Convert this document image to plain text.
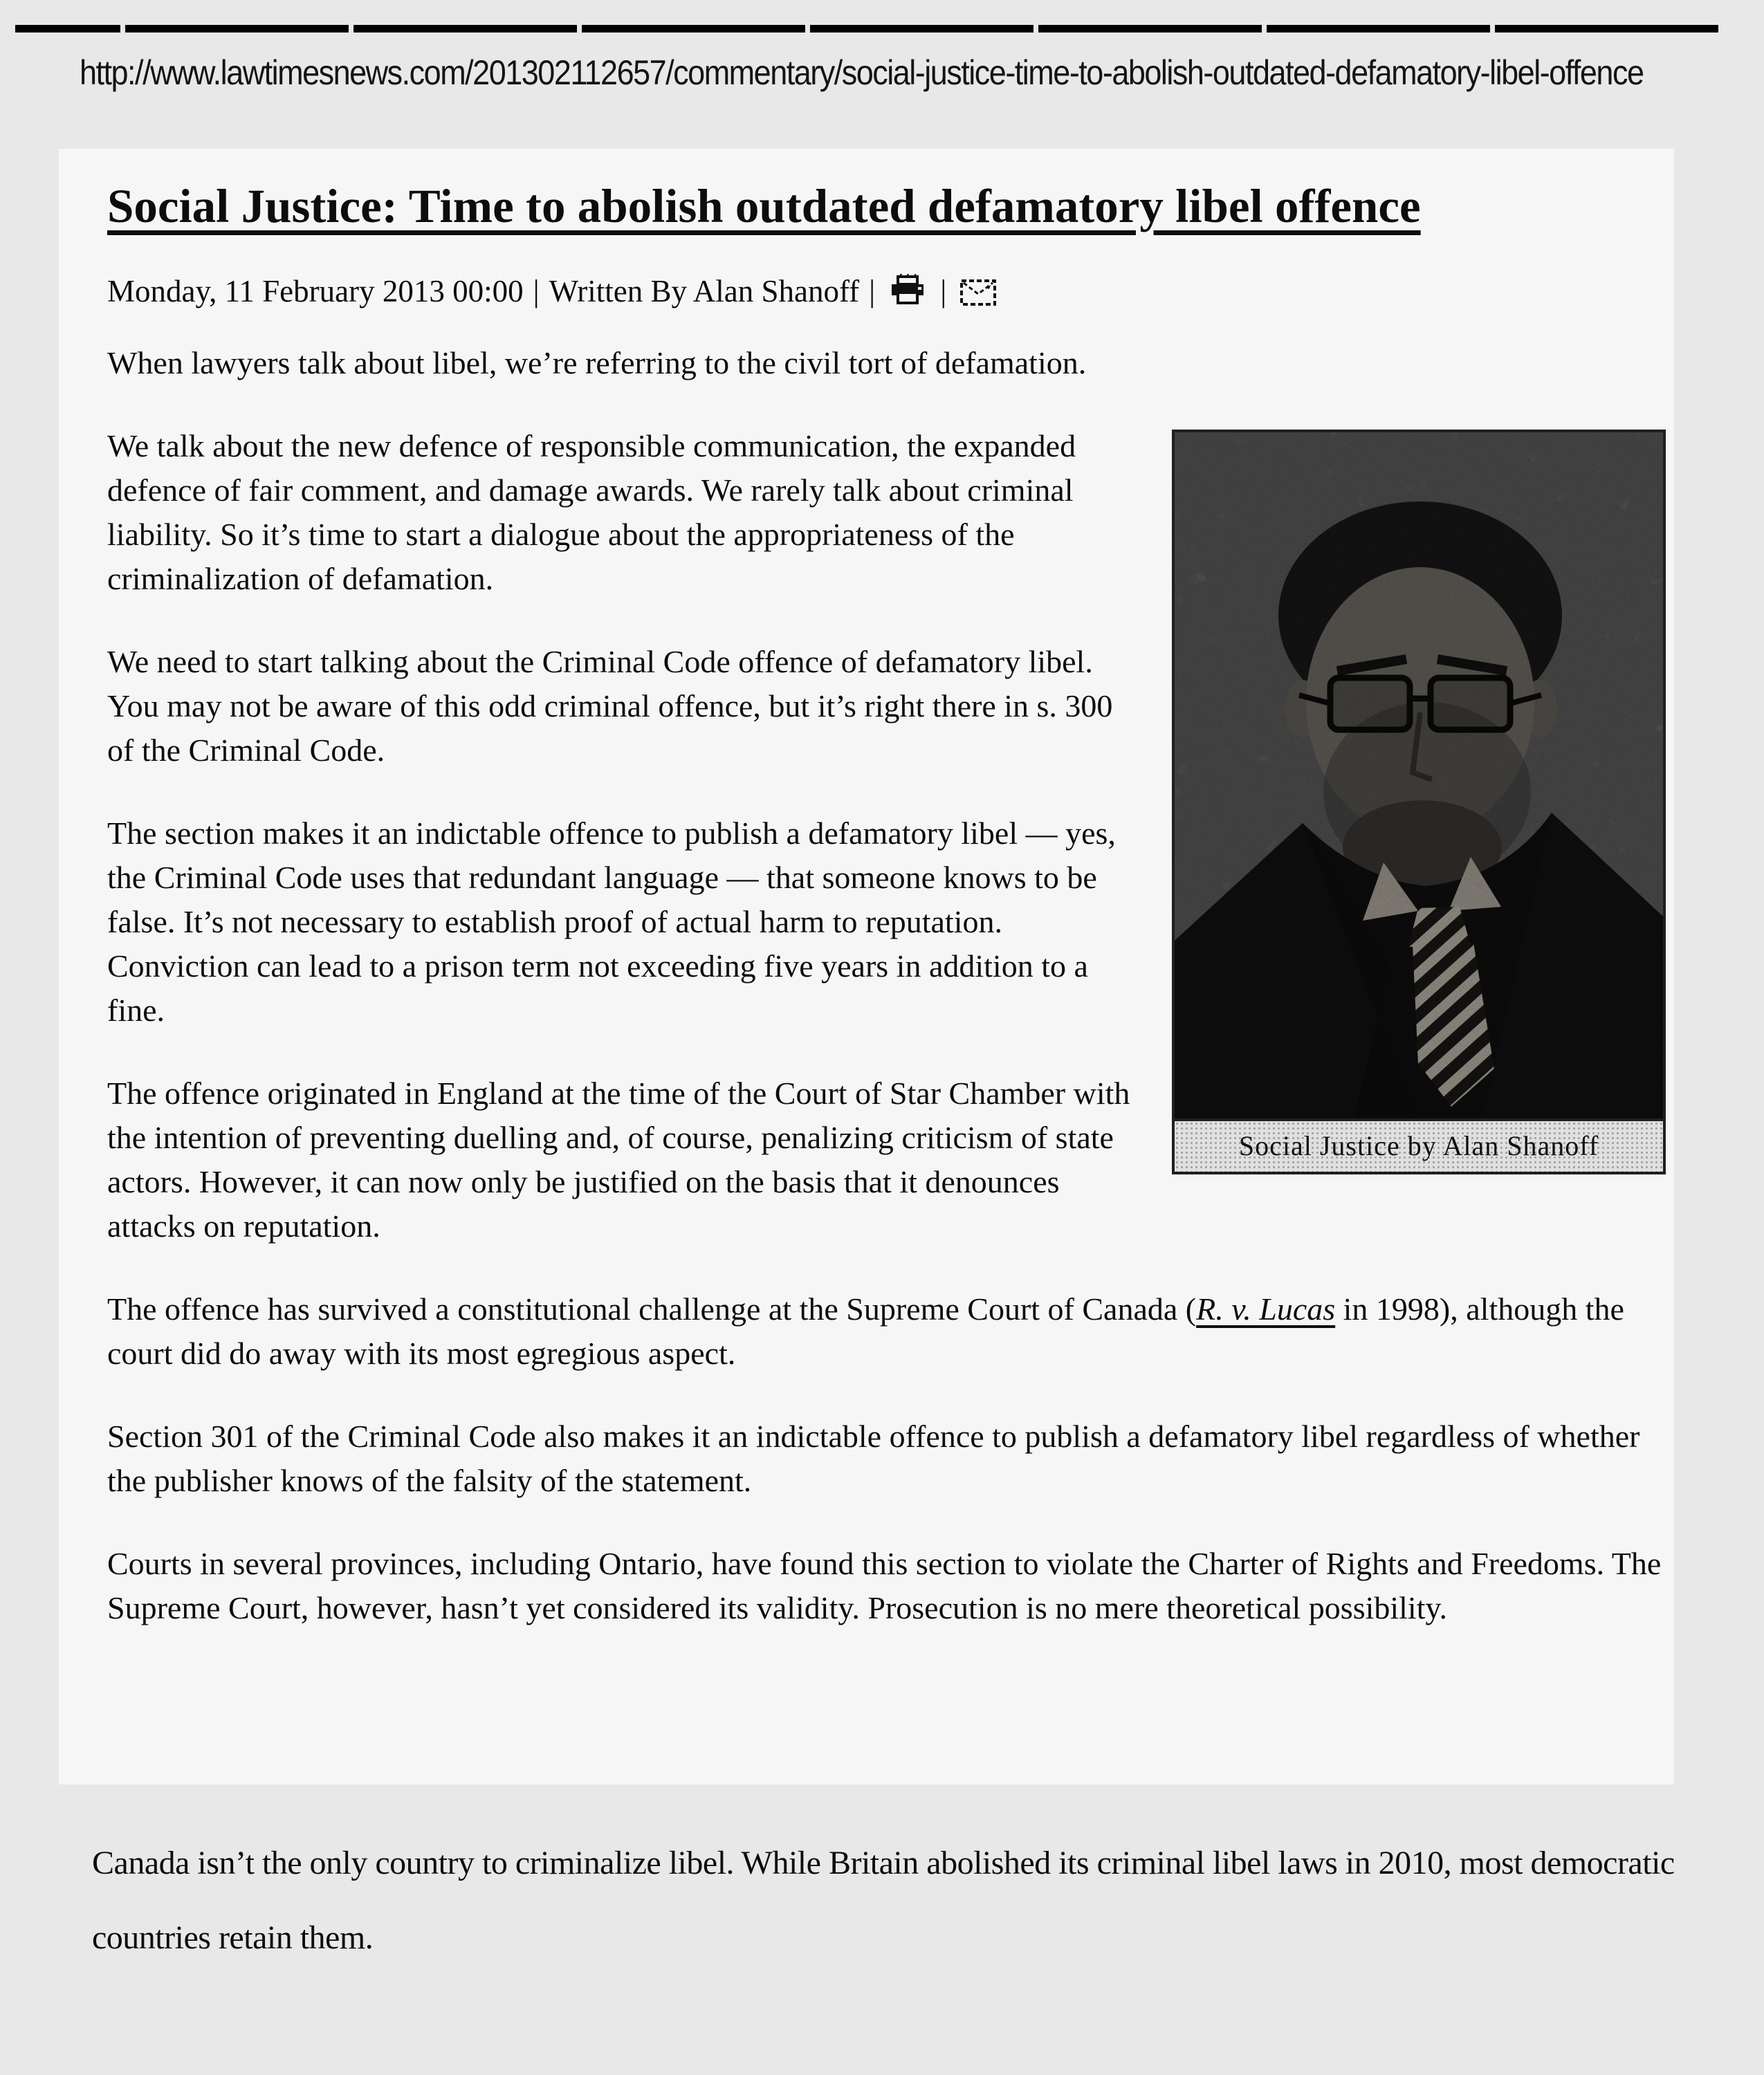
http://www.lawtimesnews.com/201302112657/commentary/social-justice-time-to-abolish-outdated-defamatory-libel-offence
Social Justice: Time to abolish outdated defamatory libel offence
Monday, 11 February 2013 00:00 | Written By Alan Shanoff | |

When lawyers talk about libel, we’re referring to the civil tort of defamation.

Social Justice by Alan Shanoff

We talk about the new defence of responsible communication, the expanded defence of fair comment, and damage awards. We rarely talk about criminal liability. So it’s time to start a dialogue about the appropriateness of the criminalization of defamation.

We need to start talking about the Criminal Code offence of defamatory libel. You may not be aware of this odd criminal offence, but it’s right there in s. 300 of the Criminal Code.

The section makes it an indictable offence to publish a defamatory libel — yes, the Criminal Code uses that redundant language — that someone knows to be false. It’s not necessary to establish proof of actual harm to reputation. Conviction can lead to a prison term not exceeding five years in addition to a fine.

The offence originated in England at the time of the Court of Star Chamber with the intention of preventing duelling and, of course, penalizing criticism of state actors. However, it can now only be justified on the basis that it denounces attacks on reputation.

The offence has survived a constitutional challenge at the Supreme Court of Canada (R. v. Lucas in 1998), although the court did do away with its most egregious aspect.

Section 301 of the Criminal Code also makes it an indictable offence to publish a defamatory libel regardless of whether the publisher knows of the falsity of the statement.

Courts in several provinces, including Ontario, have found this section to violate the Charter of Rights and Freedoms. The Supreme Court, however, hasn’t yet considered its validity. Prosecution is no mere theoretical possibility.

Canada isn’t the only country to criminalize libel. While Britain abolished its criminal libel laws in 2010, most democratic countries retain them.
